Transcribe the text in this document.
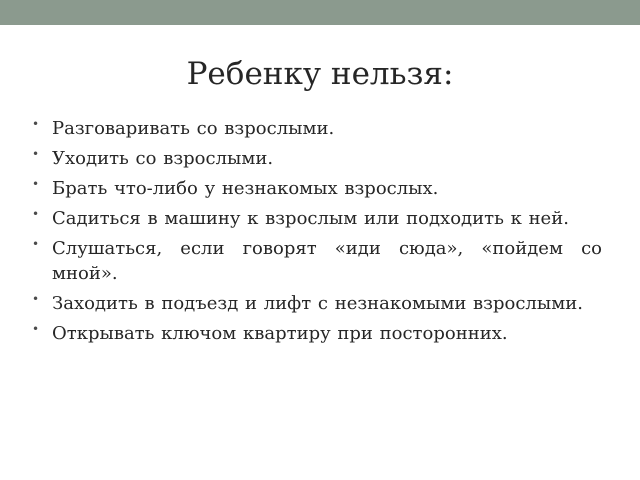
Ребенку нельзя:
• Разговаривать со взрослыми.
• Уходить со взрослыми.
• Брать что-либо у незнакомых взрослых.
• Садиться в машину к взрослым или подходить к ней.
• Слушаться, если говорят «иди сюда», «пойдем со мной».
• Заходить в подъезд и лифт с незнакомыми взрослыми.
• Открывать ключом квартиру при посторонних.
